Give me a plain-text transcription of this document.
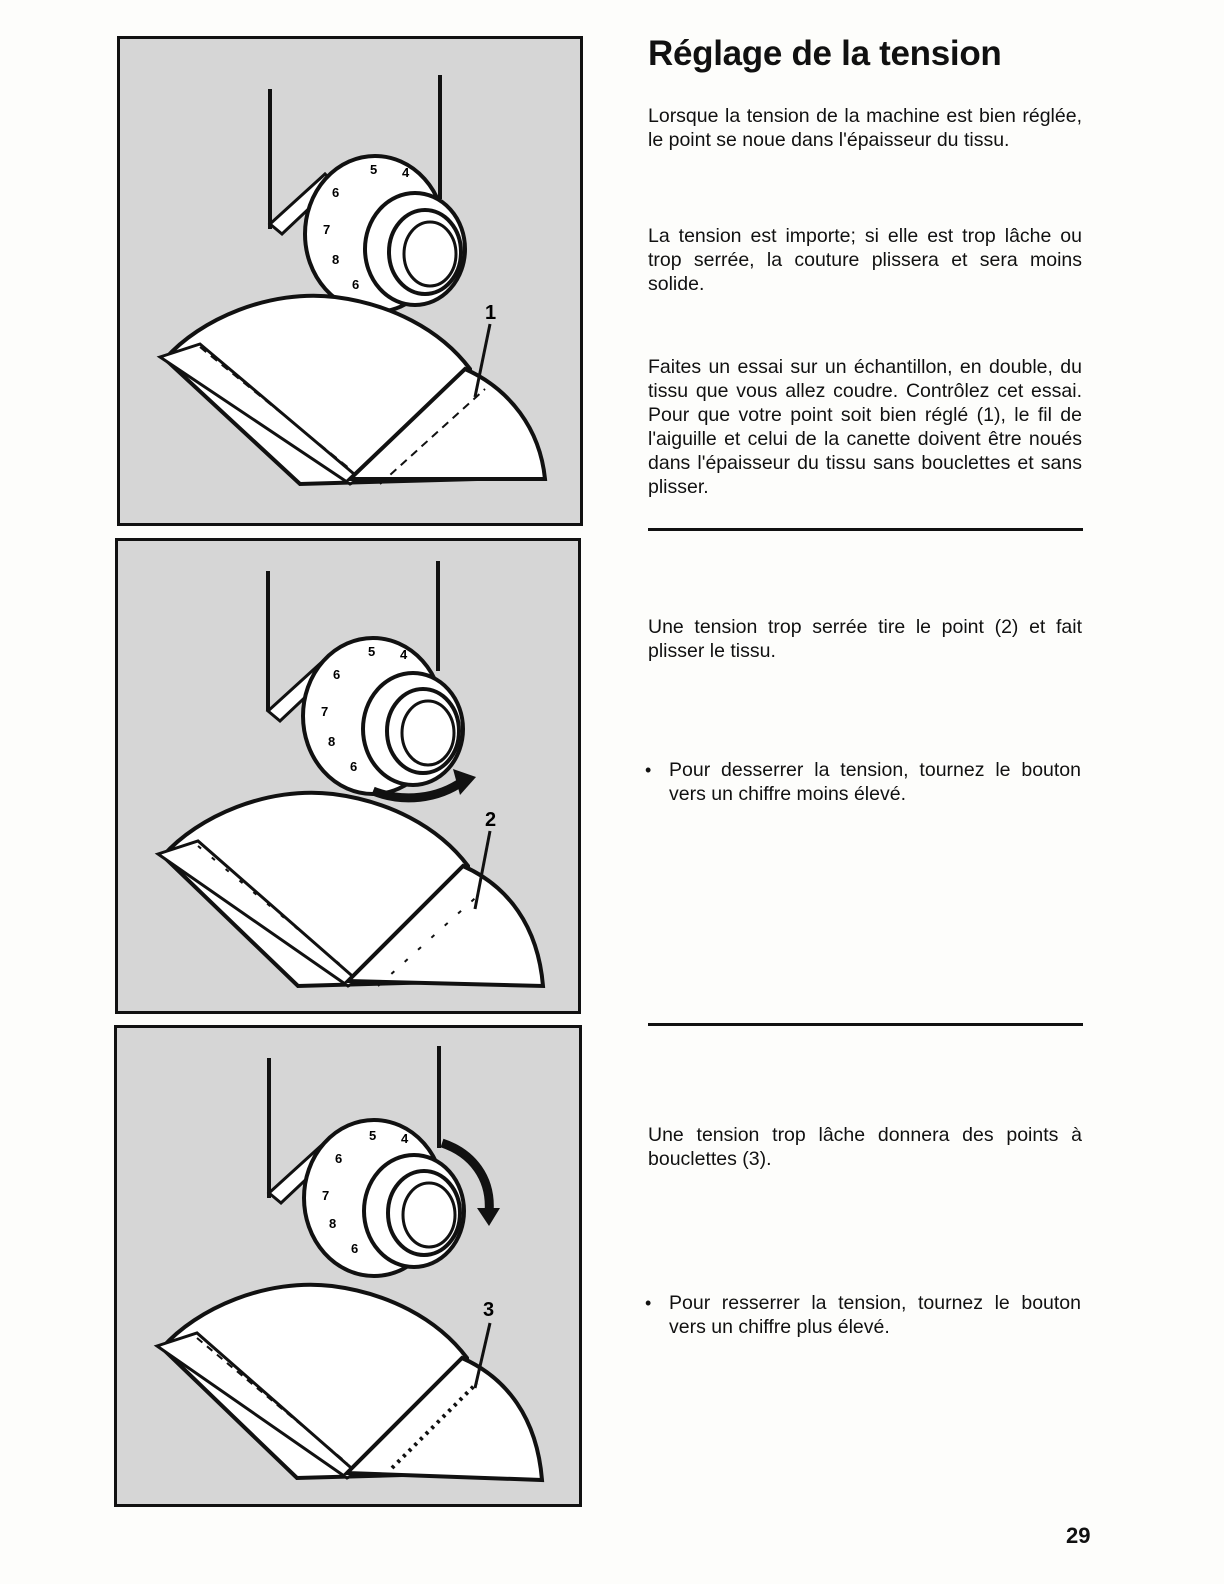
5 4
6
7
8
6
1
5 4
6
7
8
6
2
5 4
6
7
8
6
3
Réglage de la tension

Lorsque la tension de la machine est bien réglée, le point se noue dans l'épaisseur du tissu.

La tension est importe; si elle est trop lâche ou trop serrée, la couture plissera et sera moins solide.

Faites un essai sur un échantillon, en double, du tissu que vous allez coudre. Contrôlez cet essai. Pour que votre point soit bien réglé (1), le fil de l'aiguille et celui de la canette doivent être noués dans l'épaisseur du tissu sans bouclettes et sans plisser.

Une tension trop serrée tire le point (2) et fait plisser le tissu.

• Pour desserrer la tension, tournez le bouton vers un chiffre moins élevé.

Une tension trop lâche donnera des points à bouclettes (3).

• Pour resserrer la tension, tournez le bouton vers un chiffre plus élevé.
29
